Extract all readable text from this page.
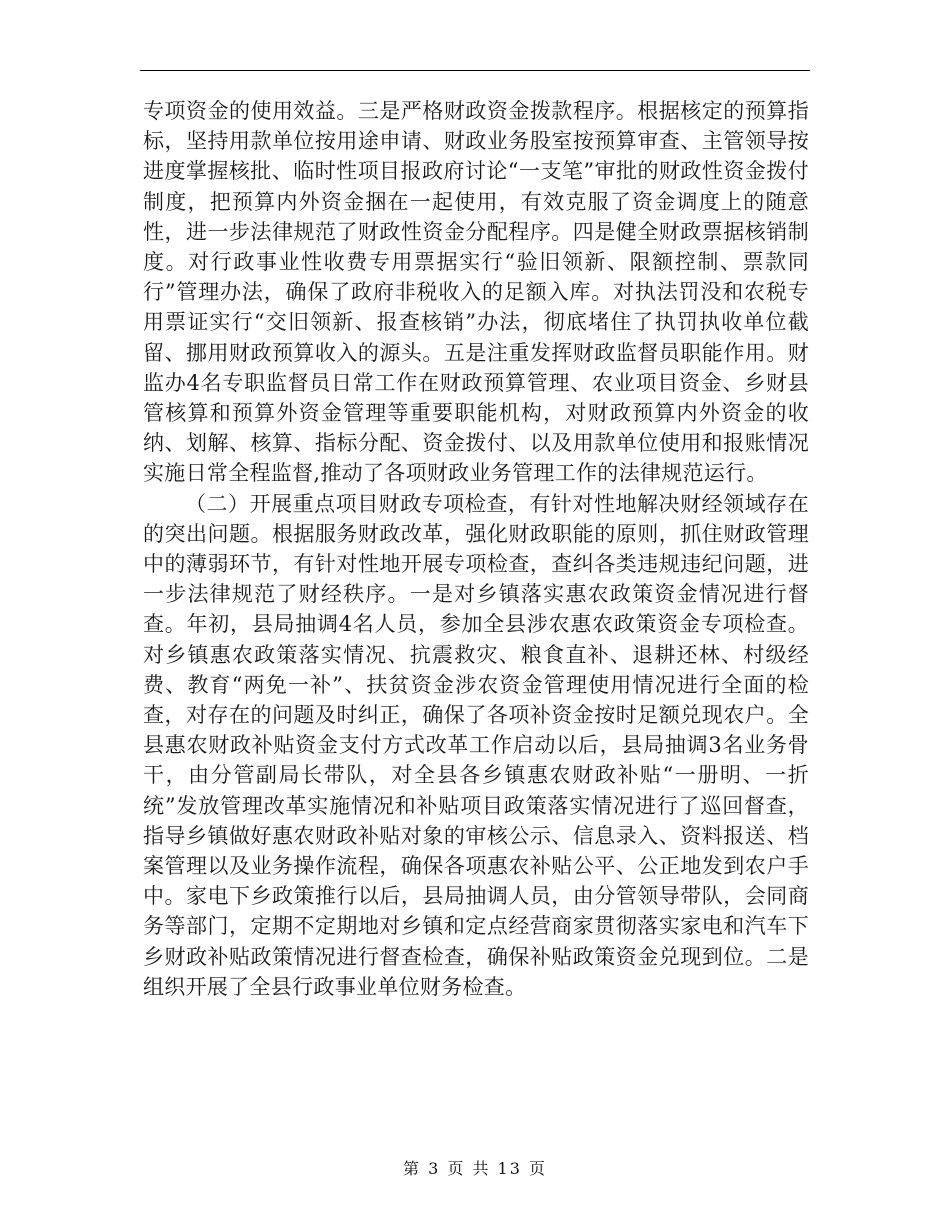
专项资金的使用效益。三是严格财政资金拨款程序。根据核定的预算指标，坚持用款单位按用途申请、财政业务股室按预算审查、主管领导按进度掌握核批、临时性项目报政府讨论“一支笔”审批的财政性资金拨付制度，把预算内外资金捆在一起使用，有效克服了资金调度上的随意性，进一步法律规范了财政性资金分配程序。四是健全财政票据核销制度。对行政事业性收费专用票据实行“验旧领新、限额控制、票款同行”管理办法，确保了政府非税收入的足额入库。对执法罚没和农税专用票证实行“交旧领新、报查核销”办法，彻底堵住了执罚执收单位截留、挪用财政预算收入的源头。五是注重发挥财政监督员职能作用。财监办4名专职监督员日常工作在财政预算管理、农业项目资金、乡财县管核算和预算外资金管理等重要职能机构，对财政预算内外资金的收纳、划解、核算、指标分配、资金拨付、以及用款单位使用和报账情况实施日常全程监督,推动了各项财政业务管理工作的法律规范运行。

（二）开展重点项目财政专项检查，有针对性地解决财经领域存在的突出问题。根据服务财政改革，强化财政职能的原则，抓住财政管理中的薄弱环节，有针对性地开展专项检查，查纠各类违规违纪问题，进一步法律规范了财经秩序。一是对乡镇落实惠农政策资金情况进行督查。年初，县局抽调4名人员，参加全县涉农惠农政策资金专项检查。对乡镇惠农政策落实情况、抗震救灾、粮食直补、退耕还林、村级经费、教育“两免一补”、扶贫资金涉农资金管理使用情况进行全面的检查，对存在的问题及时纠正，确保了各项补资金按时足额兑现农户。全县惠农财政补贴资金支付方式改革工作启动以后，县局抽调3名业务骨干，由分管副局长带队，对全县各乡镇惠农财政补贴“一册明、一折统”发放管理改革实施情况和补贴项目政策落实情况进行了巡回督查，指导乡镇做好惠农财政补贴对象的审核公示、信息录入、资料报送、档案管理以及业务操作流程，确保各项惠农补贴公平、公正地发到农户手中。家电下乡政策推行以后，县局抽调人员，由分管领导带队，会同商务等部门，定期不定期地对乡镇和定点经营商家贯彻落实家电和汽车下乡财政补贴政策情况进行督查检查，确保补贴政策资金兑现到位。二是组织开展了全县行政事业单位财务检查。

第 3 页 共 13 页
